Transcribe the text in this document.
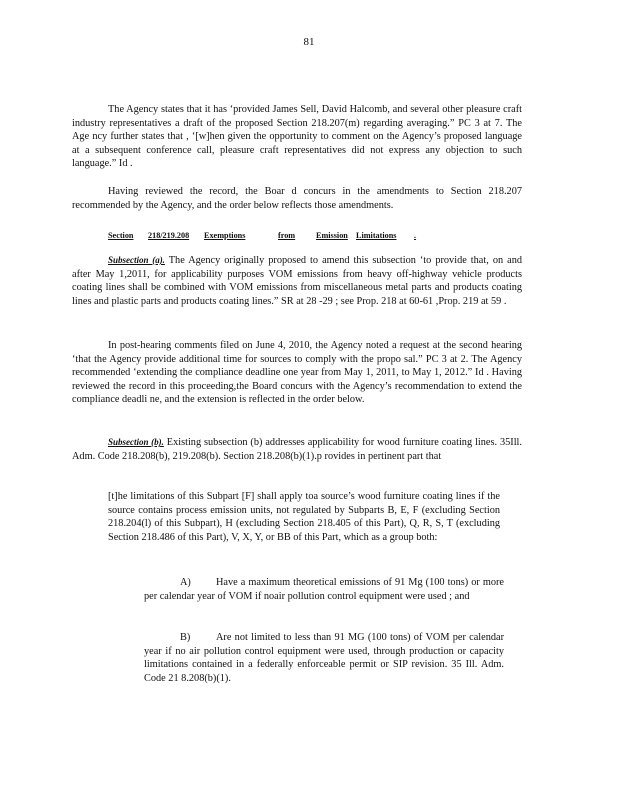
81

The Agency states that it has ‘provided James Sell, David Halcomb, and several other pleasure craft industry representatives a draft of the proposed Section 218.207(m) regarding averaging.” PC 3 at 7. The Age ncy further states that , ‘[w]hen given the opportunity to comment on the Agency’s proposed language at a subsequent conference call, pleasure craft representatives did not express any objection to such language.” Id .

Having reviewed the record, the Boar d concurs in the amendments to Section 218.207 recommended by the Agency, and the order below reflects those amendments.

Section 218/219.208 Exemptions	from	Emission Limitations .

Subsection (a). The Agency originally proposed to amend this subsection ‘to provide that, on and after May 1,2011, for applicability purposes VOM emissions from heavy off-highway vehicle products coating lines shall be combined with VOM emissions from miscellaneous metal parts and products coating lines and plastic parts and products coating lines.” SR at 28 -29 ; see Prop. 218 at 60-61 ,Prop. 219 at 59 .

In post-hearing comments filed on June 4, 2010, the Agency noted a request at the second hearing ‘that the Agency provide additional time for sources to comply with the propo sal.” PC 3 at 2. The Agency recommended ‘extending the compliance deadline one year from May 1, 2011, to May 1, 2012.” Id . Having reviewed the record in this proceeding,the Board concurs with the Agency’s recommendation to extend the compliance deadli ne, and the extension is reflected in the order below.

Subsection (b). Existing subsection (b) addresses applicability for wood furniture coating lines. 35Ill. Adm. Code 218.208(b), 219.208(b). Section 218.208(b)(1).p rovides in pertinent part that

[t]he limitations of this Subpart [F] shall apply toa source’s wood furniture coating lines if the source contains process emission units, not regulated by Subparts B, E, F (excluding Section 218.204(l) of this Subpart), H (excluding Section 218.405 of this Part), Q, R, S, T (excluding Section 218.486 of this Part), V, X, Y, or BB of this Part, which as a group both:

A) Have a maximum theoretical emissions of 91 Mg (100 tons) or more per calendar year of VOM if noair pollution control equipment were used ; and

B) Are not limited to less than 91 MG (100 tons) of VOM per calendar year if no air pollution control equipment were used, through production or capacity limitations contained in a federally enforceable permit or SIP revision. 35 Ill. Adm. Code 21 8.208(b)(1).
